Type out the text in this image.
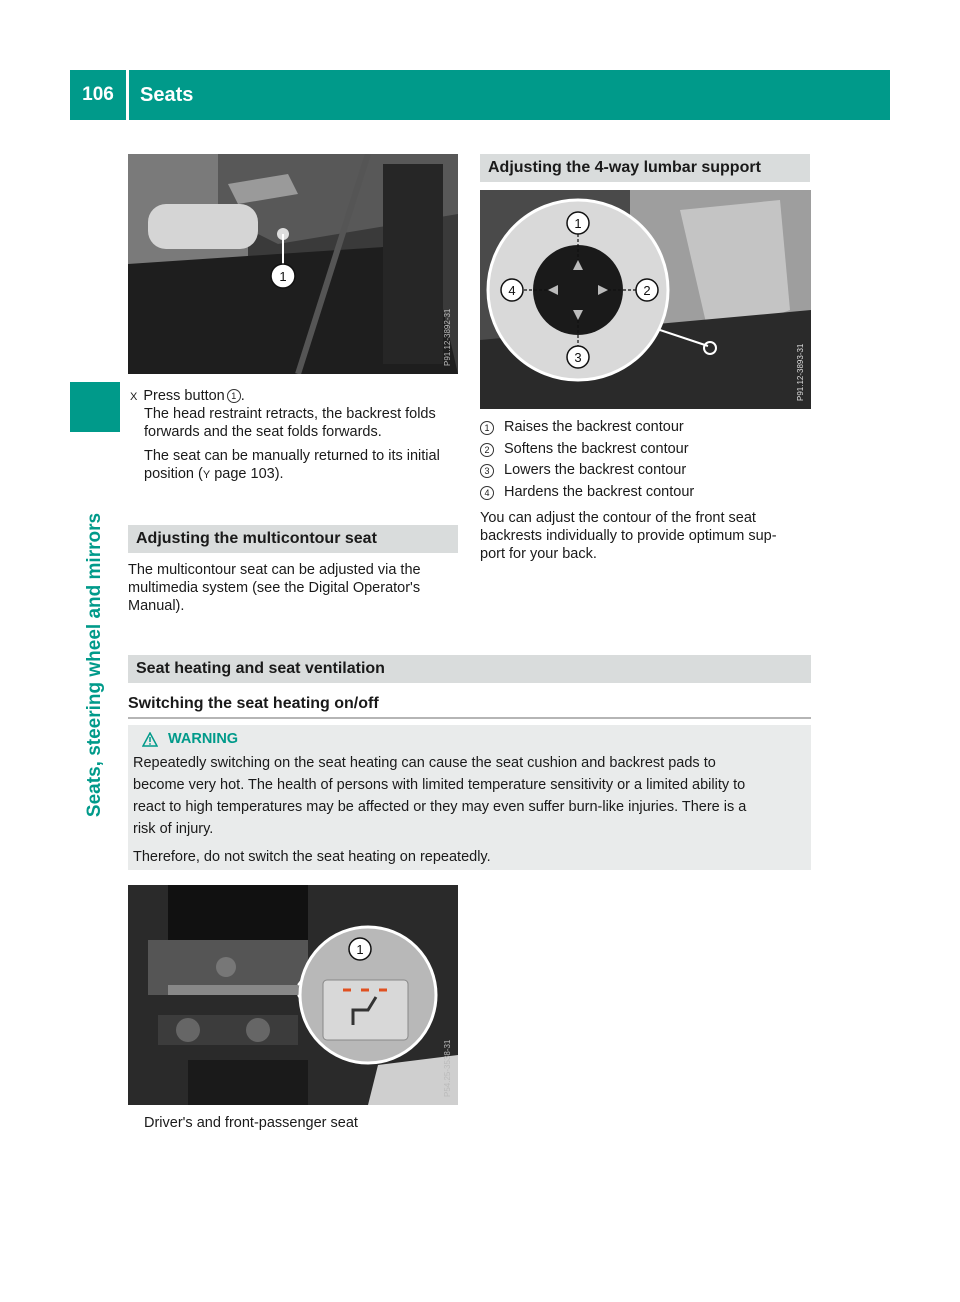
106	Seats
Seats, steering wheel and mirrors
1
P91.12-3892-31
X Press button 1 .
The head restraint retracts, the backrest folds forwards and the seat folds forwards.
The seat can be manually returned to its initial position (Y page 103).
Adjusting the multicontour seat
The multicontour seat can be adjusted via the multimedia system (see the Digital Operator's Manual).
Adjusting the 4-way lumbar support
1
2
3
4
P91.12-3893-31
1	Raises the backrest contour
2	Softens the backrest contour
3	Lowers the backrest contour
4	Hardens the backrest contour
You can adjust the contour of the front seat
backrests individually to provide optimum sup-
port for your back.
Seat heating and seat ventilation
Switching the seat heating on/off
WARNING
Repeatedly switching on the seat heating can cause the seat cushion and backrest pads to
become very hot. The health of persons with limited temperature sensitivity or a limited ability to
react to high temperatures may be affected or they may even suffer burn-like injuries. There is a
risk of injury.
Therefore, do not switch the seat heating on repeatedly.
1
P54.25-3538-31
Driver's and front-passenger seat
